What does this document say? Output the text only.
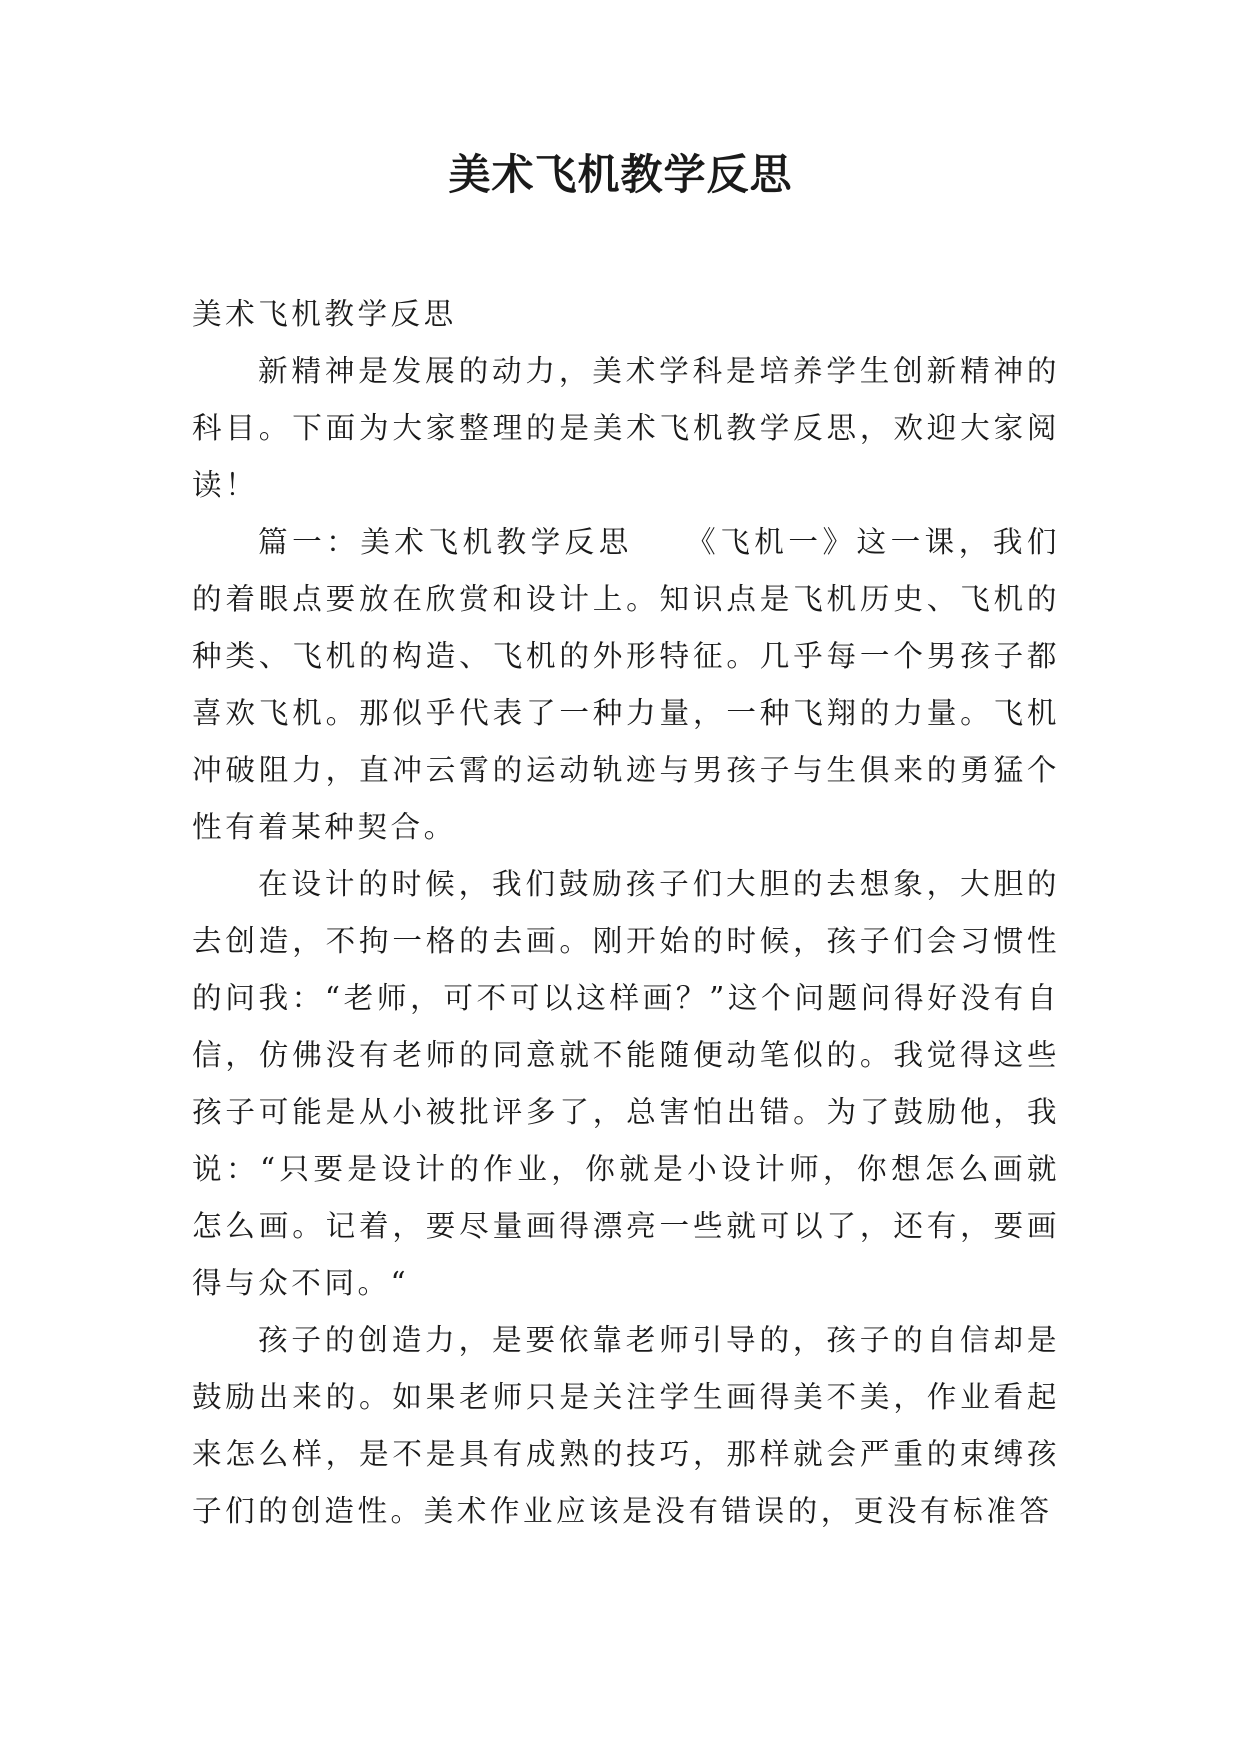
美术飞机教学反思

美术飞机教学反思

新精神是发展的动力，美术学科是培养学生创新精神的科目。下面为大家整理的是美术飞机教学反思，欢迎大家阅读！

篇一：美术飞机教学反思　　《飞机一》这一课，我们的着眼点要放在欣赏和设计上。知识点是飞机历史、飞机的种类、飞机的构造、飞机的外形特征。几乎每一个男孩子都喜欢飞机。那似乎代表了一种力量，一种飞翔的力量。飞机冲破阻力，直冲云霄的运动轨迹与男孩子与生俱来的勇猛个性有着某种契合。

在设计的时候，我们鼓励孩子们大胆的去想象，大胆的去创造，不拘一格的去画。刚开始的时候，孩子们会习惯性的问我：“老师，可不可以这样画？”这个问题问得好没有自信，仿佛没有老师的同意就不能随便动笔似的。我觉得这些孩子可能是从小被批评多了，总害怕出错。为了鼓励他，我说：“只要是设计的作业，你就是小设计师，你想怎么画就怎么画。记着，要尽量画得漂亮一些就可以了，还有，要画得与众不同。“

孩子的创造力，是要依靠老师引导的，孩子的自信却是鼓励出来的。如果老师只是关注学生画得美不美，作业看起来怎么样，是不是具有成熟的技巧，那样就会严重的束缚孩子们的创造性。美术作业应该是没有错误的，更没有标准答
